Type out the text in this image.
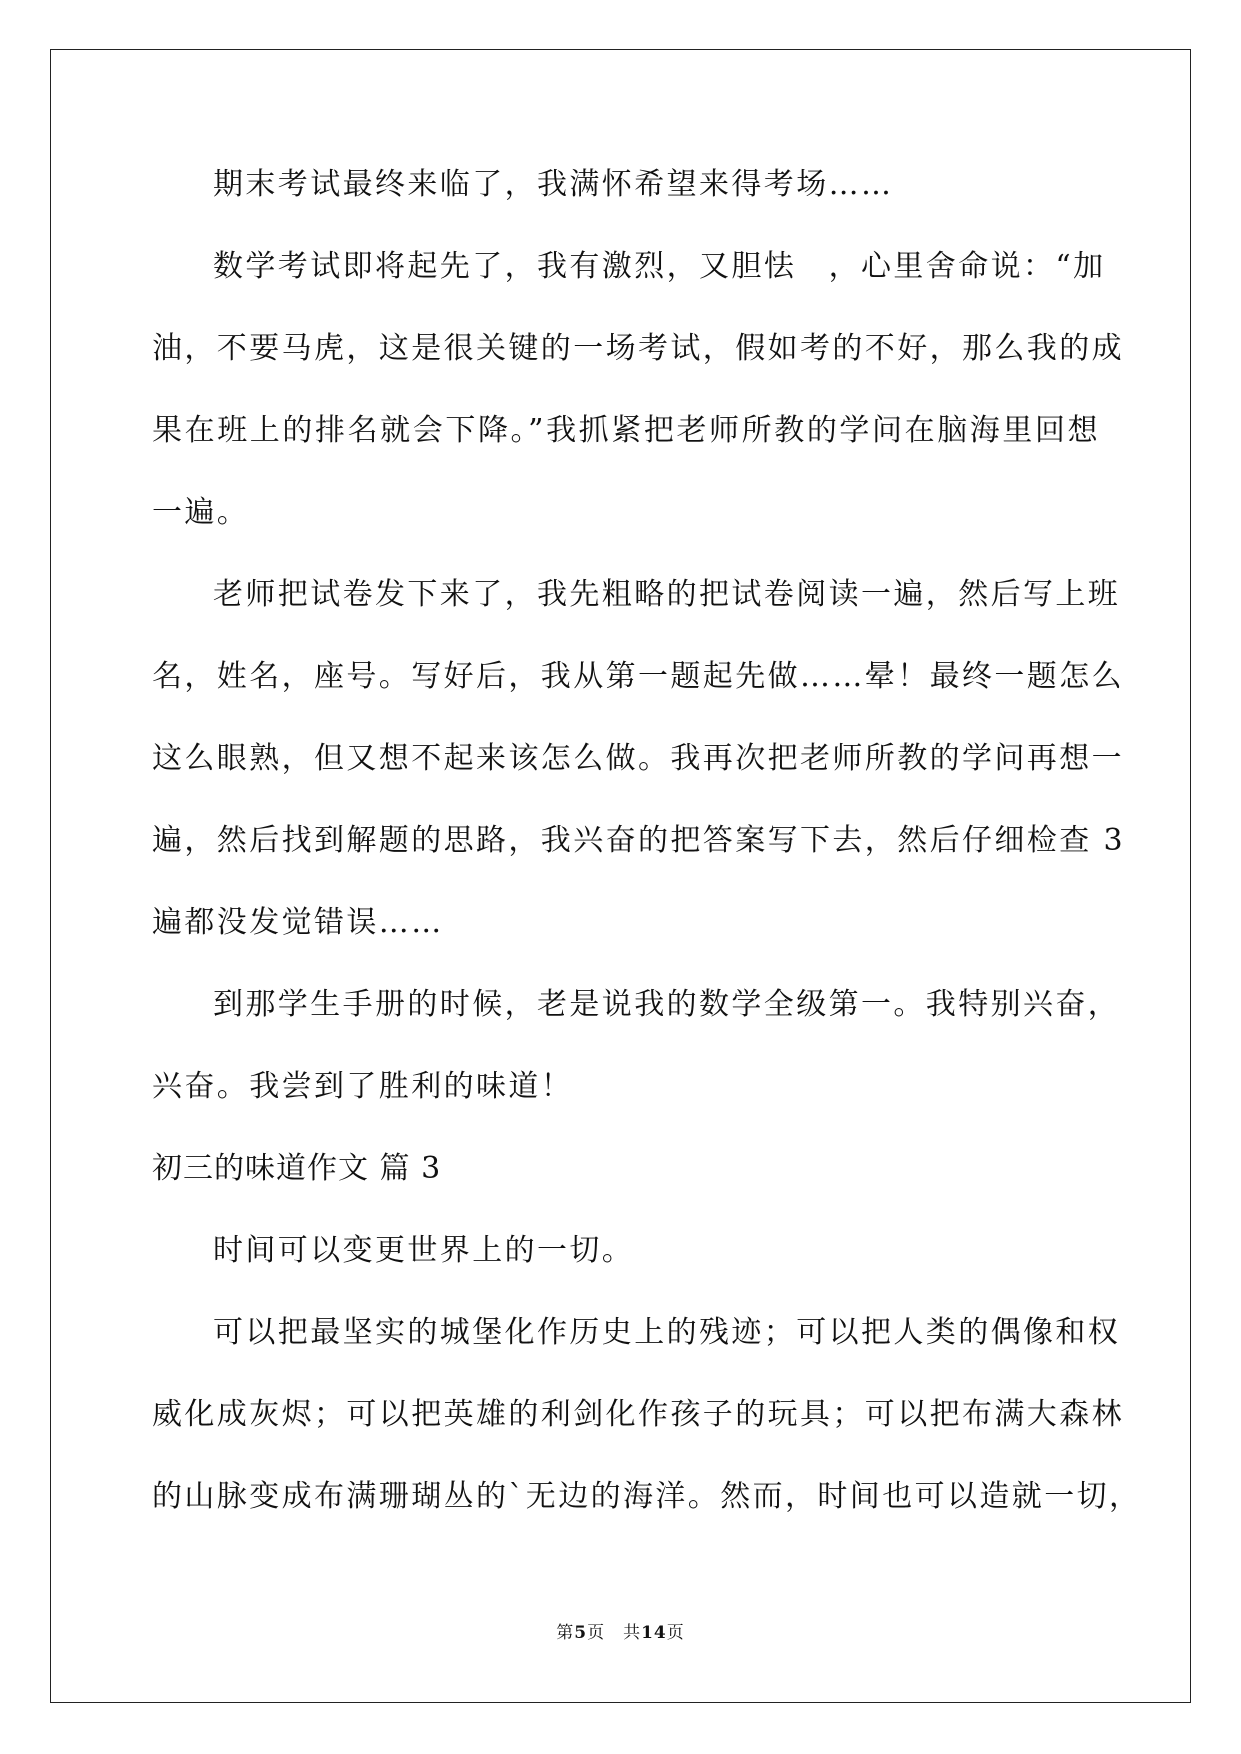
期末考试最终来临了，我满怀希望来得考场……
数学考试即将起先了，我有激烈，又胆怯　，心里舍命说：“加
油，不要马虎，这是很关键的一场考试，假如考的不好，那么我的成
果在班上的排名就会下降。”我抓紧把老师所教的学问在脑海里回想
一遍。
老师把试卷发下来了，我先粗略的把试卷阅读一遍，然后写上班
名，姓名，座号。写好后，我从第一题起先做……晕！最终一题怎么
这么眼熟，但又想不起来该怎么做。我再次把老师所教的学问再想一
遍，然后找到解题的思路，我兴奋的把答案写下去，然后仔细检查 3
遍都没发觉错误……
到那学生手册的时候，老是说我的数学全级第一。我特别兴奋，
兴奋。我尝到了胜利的味道！
初三的味道作文 篇 3
时间可以变更世界上的一切。
可以把最坚实的城堡化作历史上的残迹；可以把人类的偶像和权
威化成灰烬；可以把英雄的利剑化作孩子的玩具；可以把布满大森林
的山脉变成布满珊瑚丛的`无边的海洋。然而，时间也可以造就一切，
第5页　共14页
